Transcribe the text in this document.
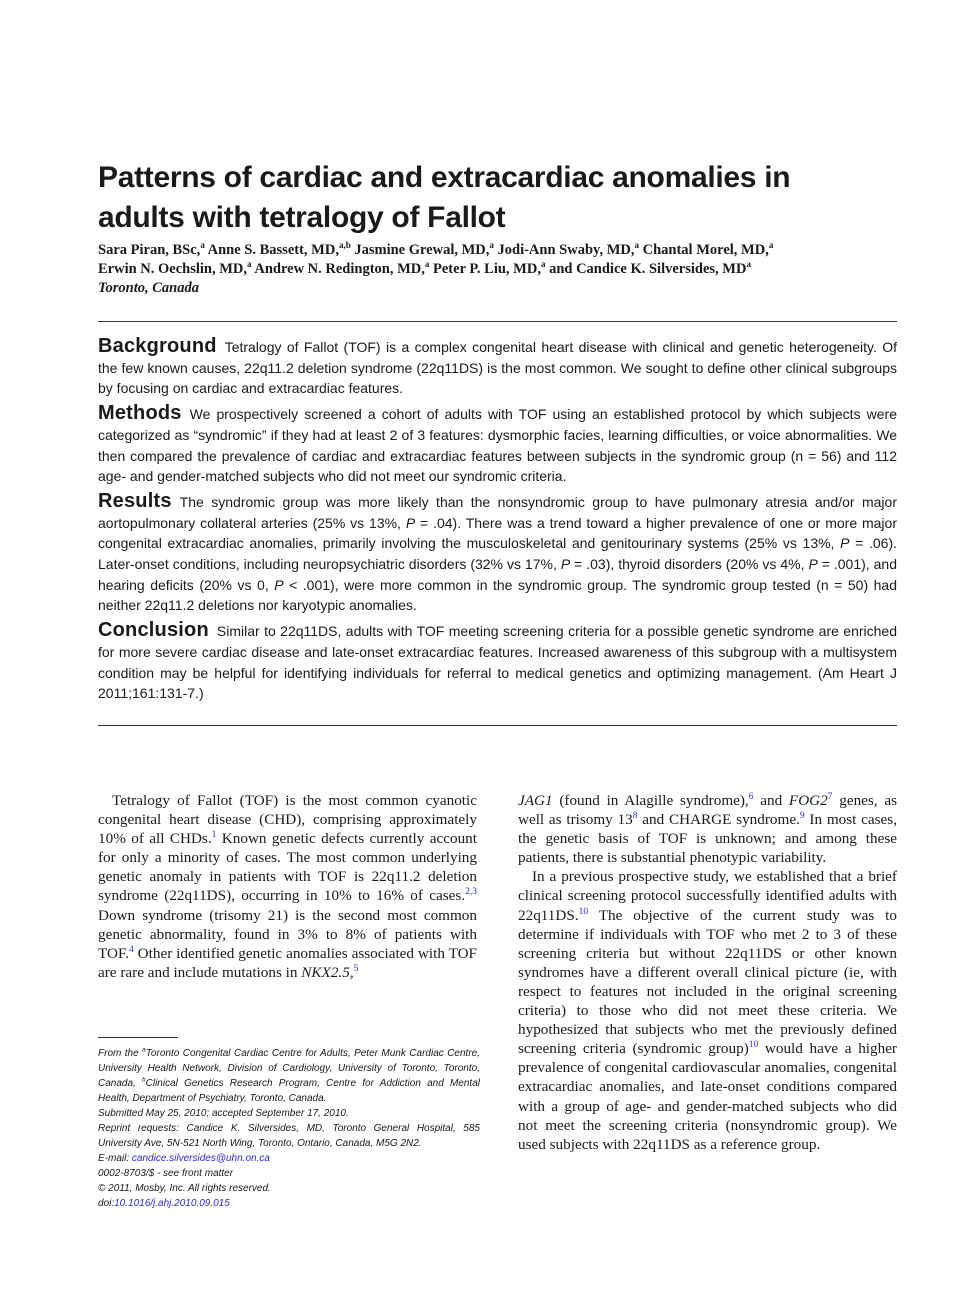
Patterns of cardiac and extracardiac anomalies in adults with tetralogy of Fallot
Sara Piran, BSc,$^a$ Anne S. Bassett, MD,$^{a,b}$ Jasmine Grewal, MD,$^a$ Jodi-Ann Swaby, MD,$^a$ Chantal Morel, MD,$^a$
Erwin N. Oechslin, MD,$^a$ Andrew N. Redington, MD,$^a$ Peter P. Liu, MD,$^a$ and Candice K. Silversides, $MD^a$
Toronto, Canada

Background Tetralogy of Fallot (TOF) is a complex congenital heart disease with clinical and genetic heterogeneity. Of the few known causes, 22q11.2 deletion syndrome (22q11DS) is the most common. We sought to define other clinical subgroups by focusing on cardiac and extracardiac features.

Methods We prospectively screened a cohort of adults with TOF using an established protocol by which subjects were categorized as “syndromic” if they had at least 2 of 3 features: dysmorphic facies, learning difficulties, or voice abnormalities. We then compared the prevalence of cardiac and extracardiac features between subjects in the syndromic group (n = 56) and 112 age- and gender-matched subjects who did not meet our syndromic criteria.

Results The syndromic group was more likely than the nonsyndromic group to have pulmonary atresia and/or major aortopulmonary collateral arteries (25% vs 13%, P = .04). There was a trend toward a higher prevalence of one or more major congenital extracardiac anomalies, primarily involving the musculoskeletal and genitourinary systems (25% vs 13%, P = .06). Later-onset conditions, including neuropsychiatric disorders (32% vs 17%, P = .03), thyroid disorders (20% vs 4%, P = .001), and hearing deficits (20% vs 0, P < .001), were more common in the syndromic group. The syndromic group tested (n = 50) had neither 22q11.2 deletions nor karyotypic anomalies.

Conclusion Similar to 22q11DS, adults with TOF meeting screening criteria for a possible genetic syndrome are enriched for more severe cardiac disease and late-onset extracardiac features. Increased awareness of this subgroup with a multisystem condition may be helpful for identifying individuals for referral to medical genetics and optimizing management. (Am Heart J 2011;161:131-7.)

Tetralogy of Fallot (TOF) is the most common cyanotic congenital heart disease (CHD), comprising approximately 10% of all CHDs.$^1$ Known genetic defects currently account for only a minority of cases. The most common underlying genetic anomaly in patients with TOF is 22q11.2 deletion syndrome (22q11DS), occurring in 10% to 16% of cases.$^{2,3}$ Down syndrome (trisomy 21) is the second most common genetic abnormality, found in 3% to 8% of patients with TOF.$^4$ Other identified genetic anomalies associated with TOF are rare and include mutations in NKX2.5,$^5$

JAG1 (found in Alagille syndrome),$^6$ and $FOG2^7$ genes, as well as trisomy $13^8$ and CHARGE syndrome.$^9$ In most cases, the genetic basis of TOF is unknown; and among these patients, there is substantial phenotypic variability.

In a previous prospective study, we established that a brief clinical screening protocol successfully identified adults with 22q11DS.$^{10}$ The objective of the current study was to determine if individuals with TOF who met 2 to 3 of these screening criteria but without 22q11DS or other known syndromes have a different overall clinical picture (ie, with respect to features not included in the original screening criteria) to those who did not meet these criteria. We hypothesized that subjects who met the previously defined screening criteria (syndromic group)$^{10}$ would have a higher prevalence of congenital cardiovascular anomalies, congenital extracardiac anomalies, and late-onset conditions compared with a group of age- and gender-matched subjects who did not meet the screening criteria (nonsyndromic group). We used subjects with 22q11DS as a reference group.

From the $^a$Toronto Congenital Cardiac Centre for Adults, Peter Munk Cardiac Centre, University Health Network, Division of Cardiology, University of Toronto, Toronto, Canada, $^b$Clinical Genetics Research Program, Centre for Addiction and Mental Health, Department of Psychiatry, Toronto, Canada.
Submitted May 25, 2010; accepted September 17, 2010.
Reprint requests: Candice K. Silversides, MD, Toronto General Hospital, 585 University Ave, 5N-521 North Wing, Toronto, Ontario, Canada, M5G 2N2.
E-mail: candice.silversides@uhn.on.ca
0002-8703/$ - see front matter
© 2011, Mosby, Inc. All rights reserved.
doi:10.1016/j.ahj.2010.09.015
